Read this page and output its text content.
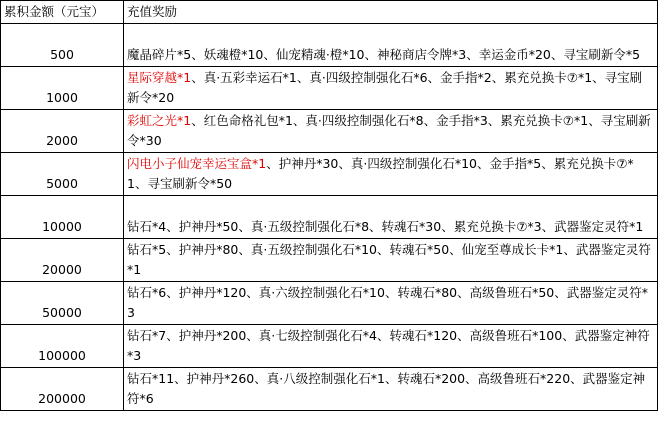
累积金额（元宝）	充值奖励
500	魔晶碎片*5、妖魂橙*10、仙宠精魂·橙*10、神秘商店令牌*3、幸运金币*20、寻宝刷新令*5
1000	星际穿越*1、真·五彩幸运石*1、真·四级控制强化石*6、金手指*2、累充兑换卡⑦*1、寻宝刷新令*20
2000	彩虹之光*1、红色命格礼包*1、真·四级控制强化石*8、金手指*3、累充兑换卡⑦*1、寻宝刷新令*30
5000	闪电小子仙宠幸运宝盒*1、护神丹*30、真·四级控制强化石*10、金手指*5、累充兑换卡⑦*1、寻宝刷新令*50
10000	钻石*4、护神丹*50、真·五级控制强化石*8、转魂石*30、累充兑换卡⑦*3、武器鉴定灵符*1
20000	钻石*5、护神丹*80、真·五级控制强化石*10、转魂石*50、仙宠至尊成长卡*1、武器鉴定灵符*1
50000	钻石*6、护神丹*120、真·六级控制强化石*10、转魂石*80、高级鲁班石*50、武器鉴定灵符*3
100000	钻石*7、护神丹*200、真·七级控制强化石*4、转魂石*120、高级鲁班石*100、武器鉴定神符*3
200000	钻石*11、护神丹*260、真·八级控制强化石*1、转魂石*200、高级鲁班石*220、武器鉴定神符*6
